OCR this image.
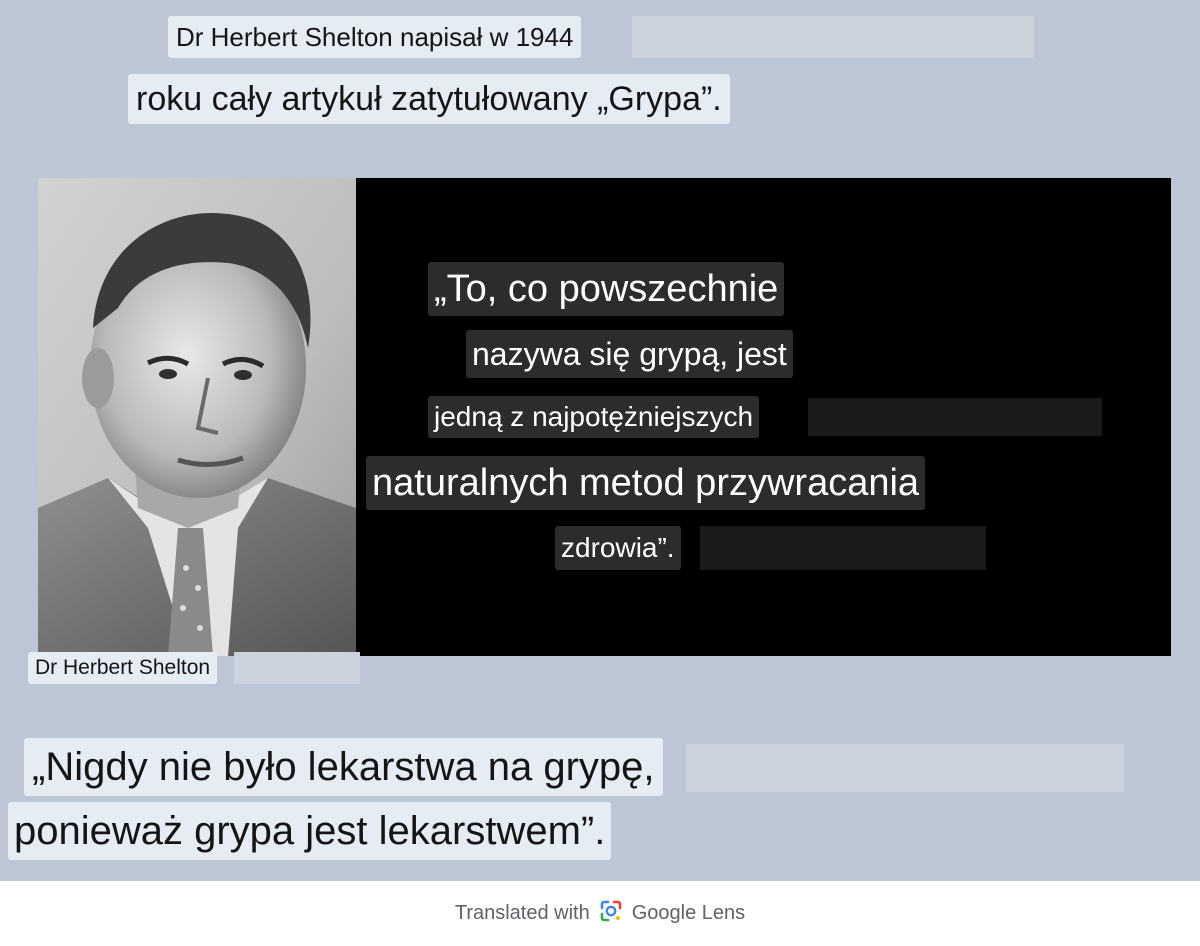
Dr Herbert Shelton napisał w 1944
roku cały artykuł zatytułowany „Grypa”.
„To, co powszechnie
nazywa się grypą, jest
jedną z najpotężniejszych
naturalnych metod przywracania
zdrowia”.
Dr Herbert Shelton
„Nigdy nie było lekarstwa na grypę,
ponieważ grypa jest lekarstwem”.
Translated with Google Lens
